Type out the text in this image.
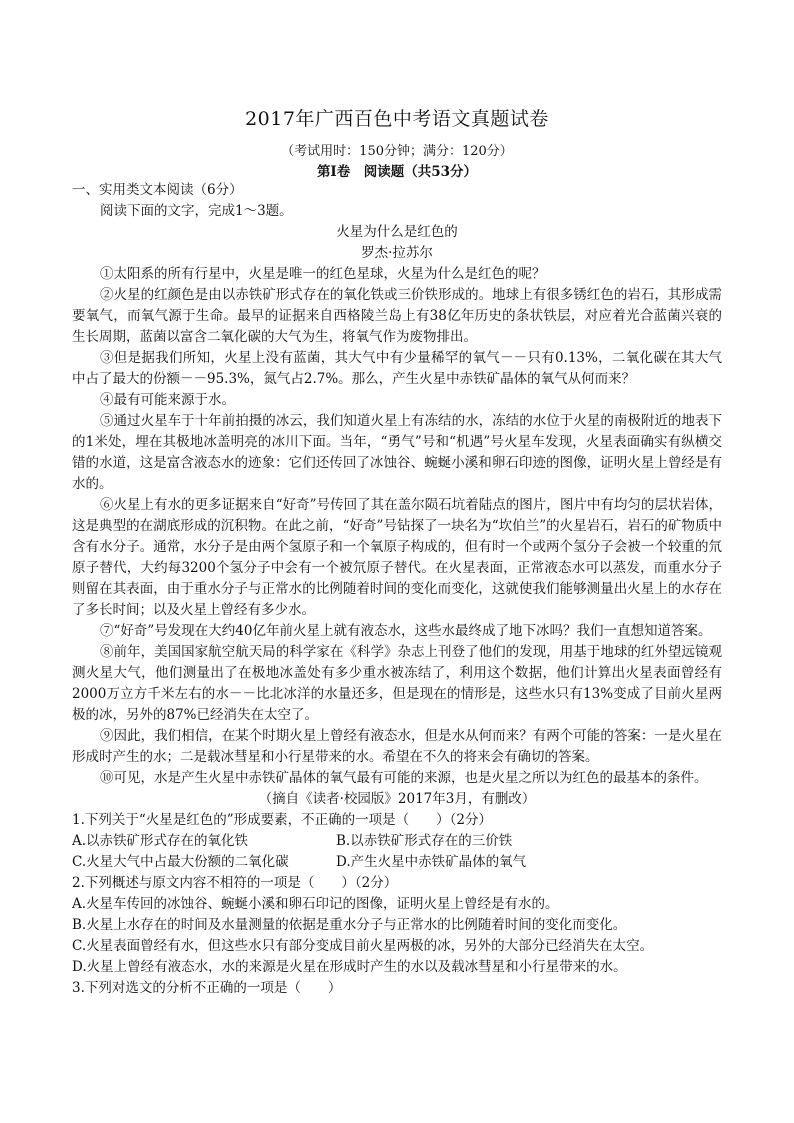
2017年广西百色中考语文真题试卷
（考试用时：150分钟；满分：120分）
第Ⅰ卷　阅读题（共53分）
一、实用类文本阅读（6分）
阅读下面的文字，完成1～3题。
火星为什么是红色的
罗杰·拉苏尔
①太阳系的所有行星中，火星是唯一的红色星球，火星为什么是红色的呢？
②火星的红颜色是由以赤铁矿形式存在的氧化铁或三价铁形成的。地球上有很多锈红色的岩石，其形成需要氧气，而氧气源于生命。最早的证据来自西格陵兰岛上有38亿年历史的条状铁层，对应着光合蓝菌兴衰的生长周期，蓝菌以富含二氧化碳的大气为生，将氧气作为废物排出。
③但是据我们所知，火星上没有蓝菌，其大气中有少量稀罕的氧气－－只有0.13%，二氧化碳在其大气中占了最大的份额－－95.3%，氮气占2.7%。那么，产生火星中赤铁矿晶体的氧气从何而来？
④最有可能来源于水。
⑤通过火星车于十年前拍摄的冰云，我们知道火星上有冻结的水，冻结的水位于火星的南极附近的地表下的1米处，埋在其极地冰盖明亮的冰川下面。当年，“勇气”号和“机遇”号火星车发现，火星表面确实有纵横交错的水道，这是富含液态水的迹象：它们还传回了冰蚀谷、蜿蜒小溪和卵石印迹的图像，证明火星上曾经是有水的。
⑥火星上有水的更多证据来自“好奇”号传回了其在盖尔陨石坑着陆点的图片，图片中有均匀的层状岩体，这是典型的在湖底形成的沉积物。在此之前，“好奇”号钻探了一块名为“坎伯兰”的火星岩石，岩石的矿物质中含有水分子。通常，水分子是由两个氢原子和一个氧原子构成的，但有时一个或两个氢分子会被一个较重的氘原子替代，大约每3200个氢分子中会有一个被氘原子替代。在火星表面，正常液态水可以蒸发，而重水分子则留在其表面，由于重水分子与正常水的比例随着时间的变化而变化，这就使我们能够测量出火星上的水存在了多长时间；以及火星上曾经有多少水。
⑦“好奇”号发现在大约40亿年前火星上就有液态水，这些水最终成了地下冰吗？我们一直想知道答案。
⑧前年，美国国家航空航天局的科学家在《科学》杂志上刊登了他们的发现，用基于地球的红外望远镜观测火星大气，他们测量出了在极地冰盖处有多少重水被冻结了，利用这个数据，他们计算出火星表面曾经有2000万立方千米左右的水－－比北冰洋的水量还多，但是现在的情形是，这些水只有13%变成了目前火星两极的冰，另外的87%已经消失在太空了。
⑨因此，我们相信，在某个时期火星上曾经有液态水，但是水从何而来？有两个可能的答案：一是火星在形成时产生的水；二是载冰彗星和小行星带来的水。希望在不久的将来会有确切的答案。
⑩可见，水是产生火星中赤铁矿晶体的氧气最有可能的来源，也是火星之所以为红色的最基本的条件。
（摘自《读者·校园版》2017年3月，有删改）
1.下列关于“火星是红色的”形成要素，不正确的一项是（　　）（2分）
A.以赤铁矿形式存在的氧化铁	B.以赤铁矿形式存在的三价铁
C.火星大气中占最大份额的二氧化碳	D.产生火星中赤铁矿晶体的氧气
2.下列概述与原文内容不相符的一项是（　　）（2分）
A.火星车传回的冰蚀谷、蜿蜒小溪和卵石印记的图像，证明火星上曾经是有水的。
B.火星上水存在的时间及水量测量的依据是重水分子与正常水的比例随着时间的变化而变化。
C.火星表面曾经有水，但这些水只有部分变成目前火星两极的冰，另外的大部分已经消失在太空。
D.火星上曾经有液态水，水的来源是火星在形成时产生的水以及载冰彗星和小行星带来的水。
3.下列对选文的分析不正确的一项是（　　）
